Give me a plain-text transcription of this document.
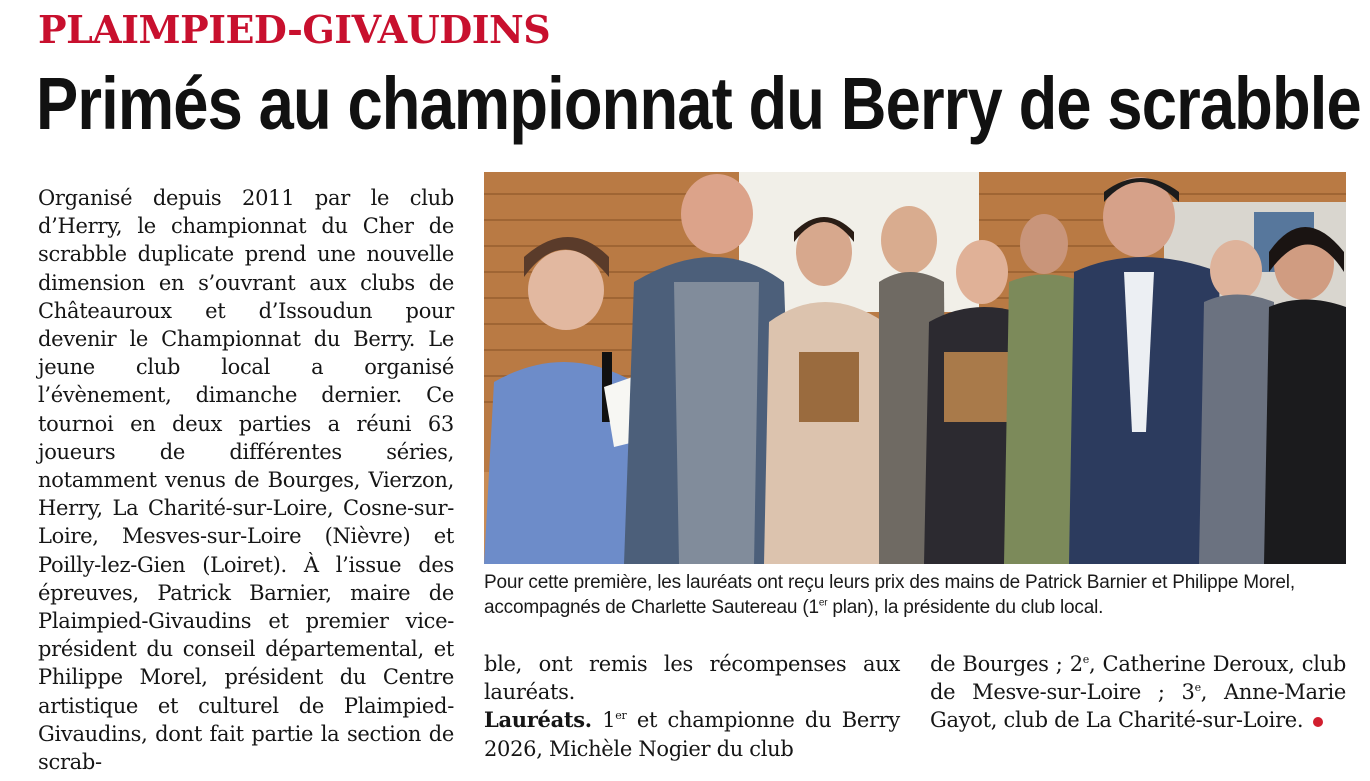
PLAIMPIED-GIVAUDINS
Primés au championnat du Berry de scrabble

Organisé depuis 2011 par le club d’Herry, le championnat du Cher de scrabble duplicate prend une nouvelle dimension en s’ouvrant aux clubs de Châteauroux et d’Issoudun pour devenir le Championnat du Berry. Le jeune club local a organisé l’évènement, dimanche dernier. Ce tournoi en deux parties a réuni 63 joueurs de différentes séries, notamment venus de Bourges, Vierzon, Herry, La Charité-sur-Loire, Cosne-sur-Loire, Mesves-sur-Loire (Nièvre) et Poilly-lez-Gien (Loiret). À l’issue des épreuves, Patrick Barnier, maire de Plaimpied-Givaudins et premier vice-président du conseil départemental, et Philippe Morel, président du Centre artistique et culturel de Plaimpied-Givaudins, dont fait partie la section de scrab-

Pour cette première, les lauréats ont reçu leurs prix des mains de Patrick Barnier et Philippe Morel, accompagnés de Charlette Sautereau (1er plan), la présidente du club local.

ble, ont remis les récompenses aux lauréats.

Lauréats. 1er et championne du Berry 2026, Michèle Nogier du club

de Bourges ; 2e, Catherine Deroux, club de Mesve-sur-Loire ; 3e, Anne-Marie Gayot, club de La Charité-sur-Loire.
